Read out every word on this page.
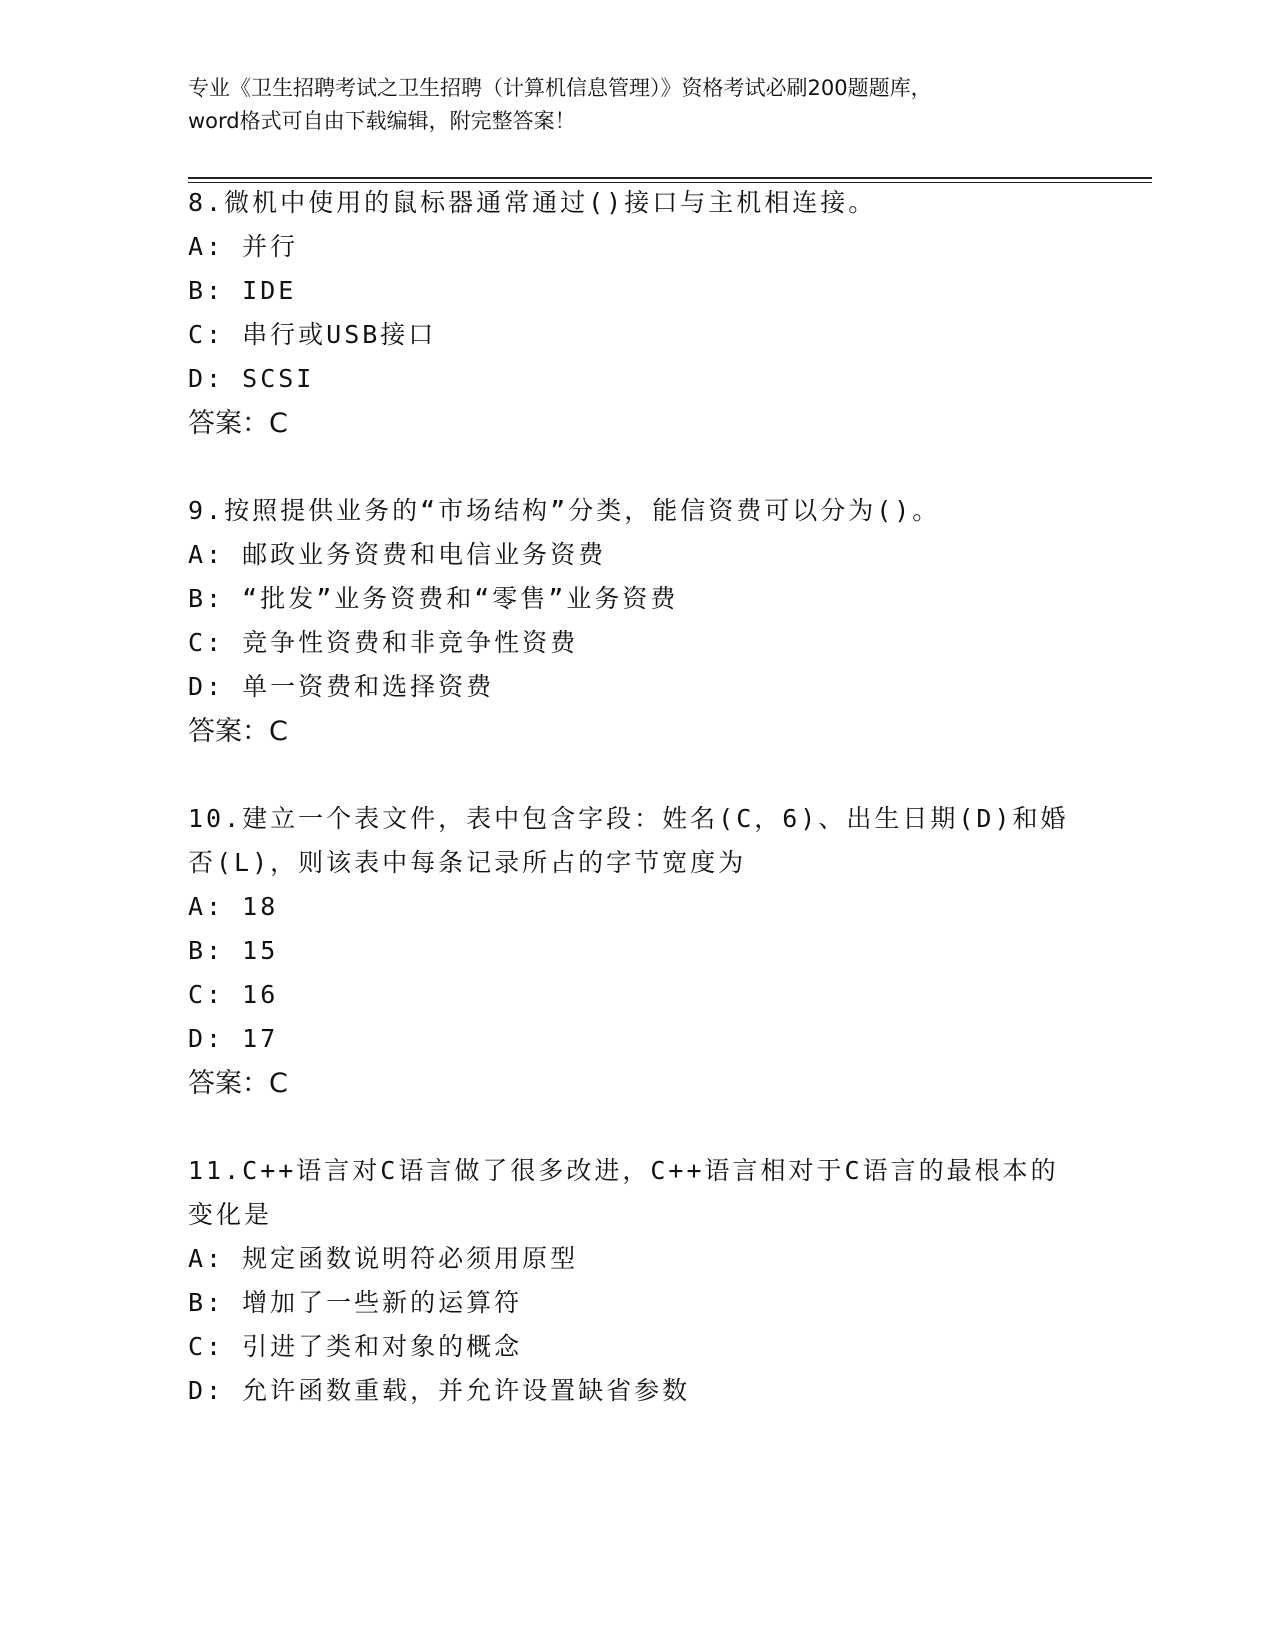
专业《卫生招聘考试之卫生招聘（计算机信息管理）》资格考试必刷200题题库，
word格式可自由下载编辑，附完整答案！
8.微机中使用的鼠标器通常通过()接口与主机相连接。
A: 并行
B: IDE
C: 串行或USB接口
D: SCSI
答案：C
9.按照提供业务的“市场结构”分类，能信资费可以分为()。
A: 邮政业务资费和电信业务资费
B: “批发”业务资费和“零售”业务资费
C: 竞争性资费和非竞争性资费
D: 单一资费和选择资费
答案：C
10.建立一个表文件，表中包含字段：姓名(C，6)、出生日期(D)和婚
否(L)，则该表中每条记录所占的字节宽度为
A: 18
B: 15
C: 16
D: 17
答案：C
11.C++语言对C语言做了很多改进，C++语言相对于C语言的最根本的
变化是
A: 规定函数说明符必须用原型
B: 增加了一些新的运算符
C: 引进了类和对象的概念
D: 允许函数重载，并允许设置缺省参数
